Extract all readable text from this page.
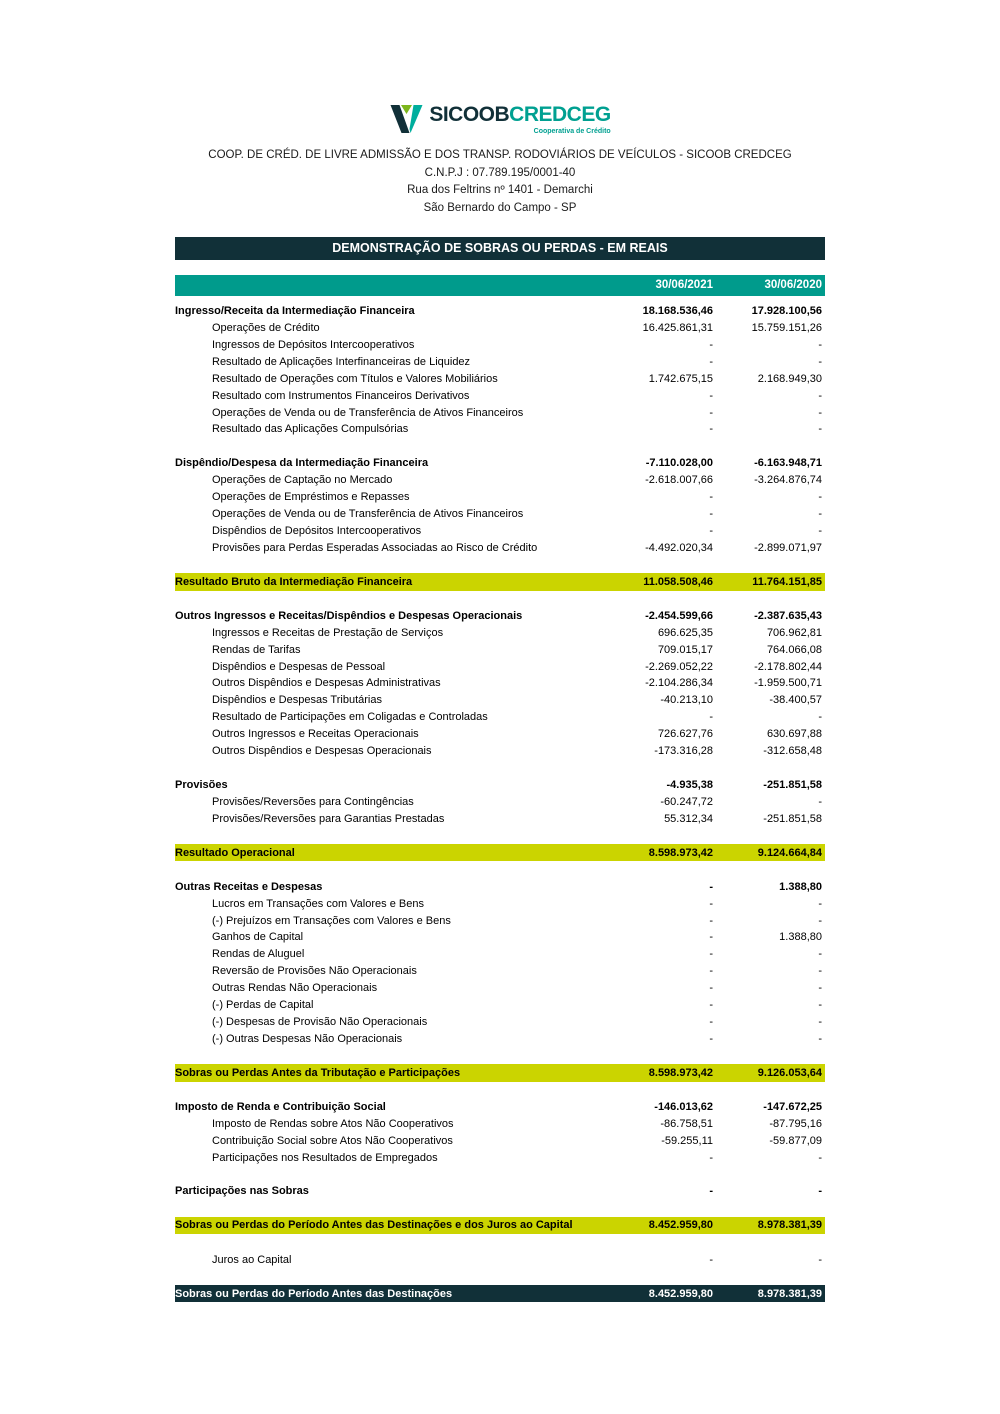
SICOOBCREDCEG
Cooperativa de Crédito
COOP. DE CRÉD. DE LIVRE ADMISSÃO E DOS TRANSP. RODOVIÁRIOS DE VEÍCULOS - SICOOB CREDCEG
C.N.P.J : 07.789.195/0001-40
Rua dos Feltrins nº 1401 - Demarchi
São Bernardo do Campo - SP
DEMONSTRAÇÃO DE SOBRAS OU PERDAS - EM REAIS
30/06/2021	30/06/2020
Ingresso/Receita da Intermediação Financeira	18.168.536,46	17.928.100,56
Operações de Crédito	16.425.861,31	15.759.151,26
Ingressos de Depósitos Intercooperativos	-	-
Resultado de Aplicações Interfinanceiras de Liquidez	-	-
Resultado de Operações com Títulos e Valores Mobiliários	1.742.675,15	2.168.949,30
Resultado com Instrumentos Financeiros Derivativos	-	-
Operações de Venda ou de Transferência de Ativos Financeiros	-	-
Resultado das Aplicações Compulsórias	-	-
Dispêndio/Despesa da Intermediação Financeira	-7.110.028,00	-6.163.948,71
Operações de Captação no Mercado	-2.618.007,66	-3.264.876,74
Operações de Empréstimos e Repasses	-	-
Operações de Venda ou de Transferência de Ativos Financeiros	-	-
Dispêndios de Depósitos Intercooperativos	-	-
Provisões para Perdas Esperadas Associadas ao Risco de Crédito	-4.492.020,34	-2.899.071,97
Resultado Bruto da Intermediação Financeira	11.058.508,46	11.764.151,85
Outros Ingressos e Receitas/Dispêndios e Despesas Operacionais	-2.454.599,66	-2.387.635,43
Ingressos e Receitas de Prestação de Serviços	696.625,35	706.962,81
Rendas de Tarifas	709.015,17	764.066,08
Dispêndios e Despesas de Pessoal	-2.269.052,22	-2.178.802,44
Outros Dispêndios e Despesas Administrativas	-2.104.286,34	-1.959.500,71
Dispêndios e Despesas Tributárias	-40.213,10	-38.400,57
Resultado de Participações em Coligadas e Controladas	-	-
Outros Ingressos e Receitas Operacionais	726.627,76	630.697,88
Outros Dispêndios e Despesas Operacionais	-173.316,28	-312.658,48
Provisões	-4.935,38	-251.851,58
Provisões/Reversões para Contingências	-60.247,72	-
Provisões/Reversões para Garantias Prestadas	55.312,34	-251.851,58
Resultado Operacional	8.598.973,42	9.124.664,84
Outras Receitas e Despesas	-	1.388,80
Lucros em Transações com Valores e Bens	-	-
(-) Prejuízos em Transações com Valores e Bens	-	-
Ganhos de Capital	-	1.388,80
Rendas de Aluguel	-	-
Reversão de Provisões Não Operacionais	-	-
Outras Rendas Não Operacionais	-	-
(-) Perdas de Capital	-	-
(-) Despesas de Provisão Não Operacionais	-	-
(-) Outras Despesas Não Operacionais	-	-
Sobras ou Perdas Antes da Tributação e Participações	8.598.973,42	9.126.053,64
Imposto de Renda e Contribuição Social	-146.013,62	-147.672,25
Imposto de Rendas sobre Atos Não Cooperativos	-86.758,51	-87.795,16
Contribuição Social sobre Atos Não Cooperativos	-59.255,11	-59.877,09
Participações nos Resultados de Empregados	-	-
Participações nas Sobras	-	-
Sobras ou Perdas do Período Antes das Destinações e dos Juros ao Capital	8.452.959,80	8.978.381,39
Juros ao Capital	-	-
Sobras ou Perdas do Período Antes das Destinações	8.452.959,80	8.978.381,39
